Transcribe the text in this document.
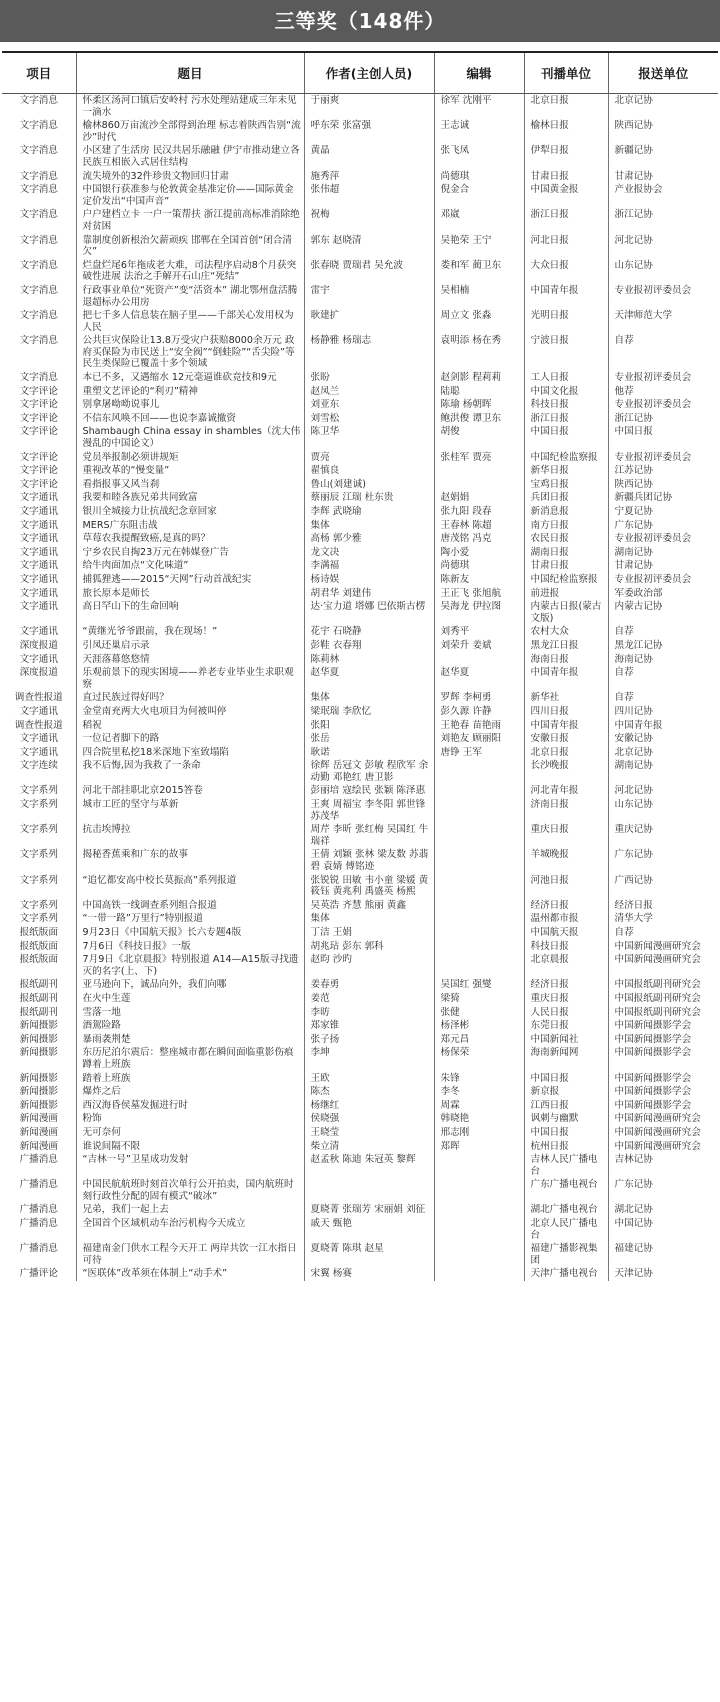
三等奖（148件）
项目	题目	作者(主创人员)	编辑	刊播单位	报送单位
文字消息	怀柔区汤河口镇后安岭村 污水处理站建成三年未见一滴水	于丽爽	徐军 沈刚平	北京日报	北京记协
文字消息	榆林860万亩流沙全部得到治理 标志着陕西告别“流沙”时代	呼东荣 张富强	王志诚	榆林日报	陕西记协
文字消息	小区建了生活房 民汉共居乐融融 伊宁市推动建立各民族互相嵌入式居住结构	黄晶	张飞凤	伊犁日报	新疆记协
文字消息	流失境外的32件珍贵文物回归甘肃	施秀萍	尚德琪	甘肃日报	甘肃记协
文字消息	中国银行获准参与伦敦黄金基准定价——国际黄金定价发出“中国声音”	张伟超	倪金合	中国黄金报	产业报协会
文字消息	户户建档立卡 一户一策帮扶 浙江提前高标准消除绝对贫困	祝梅	邓崴	浙江日报	浙江记协
文字消息	靠制度创新根治欠薪顽疾 邯郸在全国首创“闭合清欠”	郭东 赵晓清	吴艳荣 王宁	河北日报	河北记协
文字消息	烂盘烂尾6年拖成老大难，司法程序启动8个月获突破性进展 法治之手解开石山庄“死结”	张春晓 贾瑞君 吴允波	娄和军 蔺卫东	大众日报	山东记协
文字消息	行政事业单位“死资产”变“活资本” 湖北鄂州盘活腾退超标办公用房	雷宇	吴相楠	中国青年报	专业报初评委员会
文字消息	把七千多人信息装在脑子里——千部关心发用权为人民	耿建扩	周立文 张淼	光明日报	天津师范大学
文字消息	公共巨灾保险让13.8万受灾户获赔8000余万元 政府买保险为市民送上“安全阀”“倒蛙险”“舌尖险”等民生类保险已覆盖十多个领域	杨静雅 杨瑞志	袁明添 杨在秀	宁波日报	自荐
文字消息	本已不多，又遇缩水 12元毫逼谁砍竞技和9元	张盼	赵剑影 程莉莉	工人日报	专业报初评委员会
文字评论	重塑文艺评论的“利刃”精神	赵凤兰	陆聪	中国文化报	他荐
文字评论	别拿屠呦呦说事儿	刘亚东	陈瑜 杨朝晖	科技日报	专业报初评委员会
文字评论	不信东风唤不回——也说李嘉诚撤资	刘雪松	鲍洪俊 谭卫东	浙江日报	浙江记协
文字评论	Shambaugh China essay in shambles（沈大伟漫乱的中国论文）	陈卫华	胡俊	中国日报	中国日报
文字评论	党员举报制必须讲规矩	贾亮	张桂军 贾亮	中国纪检监察报	专业报初评委员会
文字评论	重视改革的“慢变量”	翟慎良		新华日报	江苏记协
文字评论	看指报事又风当刹	鲁山(刘建诚)		宝鸡日报	陕西记协
文字通讯	我要和睦各族兄弟共同致富	蔡丽辰 江瑞 杜东贵	赵娟娟	兵团日报	新疆兵团记协
文字通讯	银川全城接力让抗战纪念章回家	李辉 武晓瑜	张九阳 段春	新消息报	宁夏记协
文字通讯	MERS广东阻击战	集体	王春林 陈超	南方日报	广东记协
文字通讯	草莓农我提醒致癌,是真的吗？	高杨 郭少雅	唐茂铭 冯克	农民日报	专业报初评委员会
文字通讯	宁乡农民自掏23万元在韩媒登广告	龙文决	陶小爱	湖南日报	湖南记协
文字通讯	给牛肉面加点“文化味道”	李满福	尚德琪	甘肃日报	甘肃记协
文字通讯	捕狐狸逃——2015“天网”行动首战纪实	杨诗娱	陈新友	中国纪检监察报	专业报初评委员会
文字通讯	旅长原本是师长	胡君华 刘建伟	王正飞 张旭航	前进报	军委政治部
文字通讯	高日罕山下的生命回响	达·宝力道 塔娜 巴依斯古楞	吴海龙 伊拉图	内蒙古日报(蒙古文版)	内蒙古记协
文字通讯	“黄继光爷爷跟前，我在现场！”	花宇 石晓静	刘秀平	农村大众	自荐
深度报道	引凤还巢启示录	彭鞋 衣春翔	刘荣升 姜斌	黑龙江日报	黑龙江记协
文字通讯	天涯落幕悠悠情	陈莉林		海南日报	海南记协
深度报道	乐观前景下的现实困境——养老专业毕业生求职观察	赵华夏	赵华夏	中国青年报	自荐
调查性报道	直过民族过得好吗？	集体	罗辉 李柯勇	新华社	自荐
文字通讯	金堂南充两大火电项目为何被叫停	梁珉瑞 李欣忆	彭久源 许静	四川日报	四川记协
调查性报道	稻祝	张阳	王艳春 苗艳雨	中国青年报	中国青年报
文字通讯	一位记者脚下的路	张岳	刘艳友 顾丽阳	安徽日报	安徽记协
文字通讯	四合院里私挖18米深地下室致塌陷	耿诺	唐铮 王军	北京日报	北京记协
文字连续	我不后悔,因为我救了一条命	徐辉 岳冠文 彭敏 程欣军 余动勤 邓艳红 唐卫影		长沙晚报	湖南记协
文字系列	河北干部挂职北京2015答卷	彭丽培 寇绘民 张颖 陈泽惠		河北青年报	河北记协
文字系列	城市工匠的坚守与革新	王爽 周福宝 李冬阳 郭世锋 苏茂华		济南日报	山东记协
文字系列	抗击埃博拉	周芹 李昕 张红梅 吴国红 牛瑞祥		重庆日报	重庆记协
文字系列	揭秘香蕉乘和广东的故事	王倩 刘颖 张林 梁友数 苏翡碧 袁婧 傅铭迹		羊城晚报	广东记协
文字系列	“追忆都安高中校长莫振高”系列报道	张锐锐 田敏 韦小童 梁媛 黄筱钰 黄兆利 禹盛英 杨熙		河池日报	广西记协
文字系列	中国高铁一线调查系列组合报道	吴英浩 齐慧 熊丽 黄鑫		经济日报	经济日报
文字系列	“一带一路”万里行”特别报道	集体		温州都市报	清华大学
报纸版面	9月23日《中国航天报》长六专题4版	丁洁 王娟		中国航天报	自荐
报纸版面	7月6日《科技日报》一版	胡兆玷 彭东 郭科		科技日报	中国新闻漫画研究会
报纸版面	7月9日《北京晨报》特别报道 A14—A15版寻找遗灭的名字(上、下)	赵昀 沙旳		北京晨报	中国新闻漫画研究会
报纸副刊	亚马逊向下，诚品向外，我们向哪	姜春勇	吴国红 强燮	经济日报	中国报纸副刊研究会
报纸副刊	在火中生莲	姜范	梁猗	重庆日报	中国报纸副刊研究会
报纸副刊	雪落一地	李昉	张健	人民日报	中国报纸副刊研究会
新闻摄影	酒駕险路	郑家锥	杨泽彬	东莞日报	中国新闻摄影学会
新闻摄影	暴雨袭荆楚	张子扬	郑元昌	中国新闻社	中国新闻摄影学会
新闻摄影	东历尼泊尔震后：整座城市都在瞬间面临重影伤痕蹲着上班族	李坤	杨保荣	海南新闻网	中国新闻摄影学会
新闻摄影	踏着上班族	王欧	朱锋	中国日报	中国新闻摄影学会
新闻摄影	爆炸之后	陈杰	李冬	新京报	中国新闻摄影学会
新闻摄影	西汉海昏侯墓发掘进行时	杨继红	周霖	江西日报	中国新闻摄影学会
新闻漫画	粉饰	侯晓强	韩晓艳	讽刺与幽默	中国新闻漫画研究会
新闻漫画	无可奈何	王晓莹	邢志刚	中国日报	中国新闻漫画研究会
新闻漫画	谁说间隔不限	柴立清	郑晖	杭州日报	中国新闻漫画研究会
广播消息	“吉林一号”卫星成功发射	赵孟秋 陈迪 朱冠英 黎辉		吉林人民广播电台	吉林记协
广播消息	中国民航航班时刻首次单行公开拍卖，国内航班时刻行政性分配的固有模式“破冰”			广东广播电视台	广东记协
广播消息	兄弟，我们一起上去	夏晓菁 张瑞芳 宋丽娟 刘征		湖北广播电视台	湖北记协
广播消息	全国首个区域机动车治污机构今天成立	戚天 甄艳		北京人民广播电台	中国记协
广播消息	福建南金门供水工程今天开工 两岸共饮一江水指日可待	夏晓菁 陈琪 赵星		福建广播影视集团	福建记协
广播评论	“医联体”改革须在体制上“动手术”	宋翼 杨赛		天津广播电视台	天津记协
